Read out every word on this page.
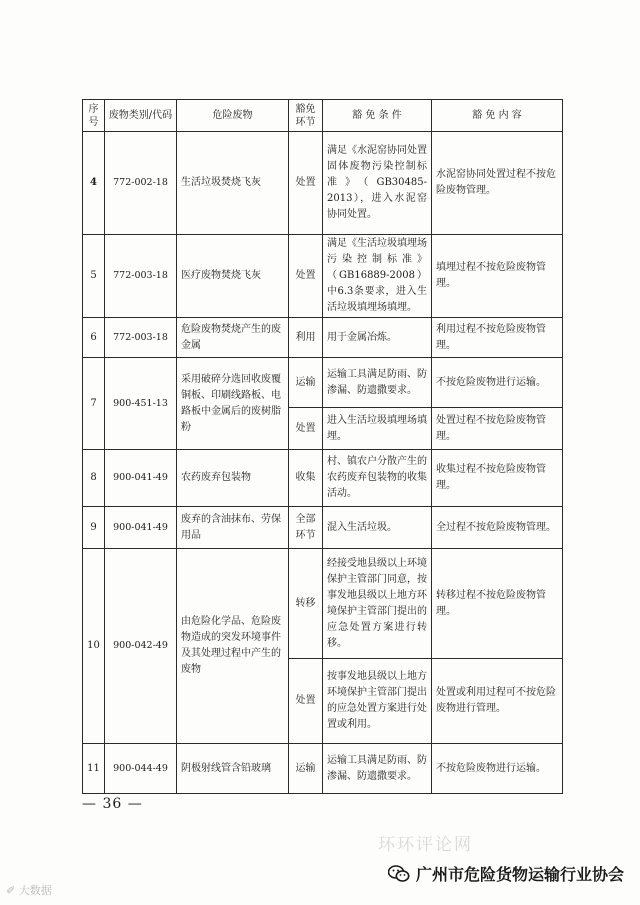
序号	废物类别/代码	危险废物	豁免环节	豁 免 条 件	豁 免 内 容
4	772-002-18	生活垃圾焚烧飞灰	处置	满足《水泥窑协同处置固体废物污染控制标准》（GB30485-2013），进入水泥窑协同处置。	水泥窑协同处置过程不按危险废物管理。
5	772-003-18	医疗废物焚烧飞灰	处置	满足《生活垃圾填埋场污染控制标准》（GB16889-2008）中6.3条要求，进入生活垃圾填埋场填埋。	填埋过程不按危险废物管理。
6	772-003-18	危险废物焚烧产生的废金属	利用	用于金属冶炼。	利用过程不按危险废物管理。
7	900-451-13	采用破碎分选回收废覆铜板、印刷线路板、电路板中金属后的废树脂粉	运输	运输工具满足防雨、防渗漏、防遗撒要求。	不按危险废物进行运输。
			处置	进入生活垃圾填埋场填埋。	处置过程不按危险废物管理。
8	900-041-49	农药废弃包装物	收集	村、镇农户分散产生的农药废弃包装物的收集活动。	收集过程不按危险废物管理。
9	900-041-49	废弃的含油抹布、劳保用品	全部环节	混入生活垃圾。	全过程不按危险废物管理。
10	900-042-49	由危险化学品、危险废物造成的突发环境事件及其处理过程中产生的废物	转移	经接受地县级以上环境保护主管部门同意，按事发地县级以上地方环境保护主管部门提出的应急处置方案进行转移。	转移过程不按危险废物管理。
			处置	按事发地县级以上地方环境保护主管部门提出的应急处置方案进行处置或利用。	处置或利用过程可不按危险废物进行管理。
11	900-044-49	阴极射线管含铅玻璃	运输	运输工具满足防雨、防渗漏、防遗撒要求。	不按危险废物进行运输。
— 36 —
环环评论网
✐ 大数据
广州市危险货物运输行业协会
